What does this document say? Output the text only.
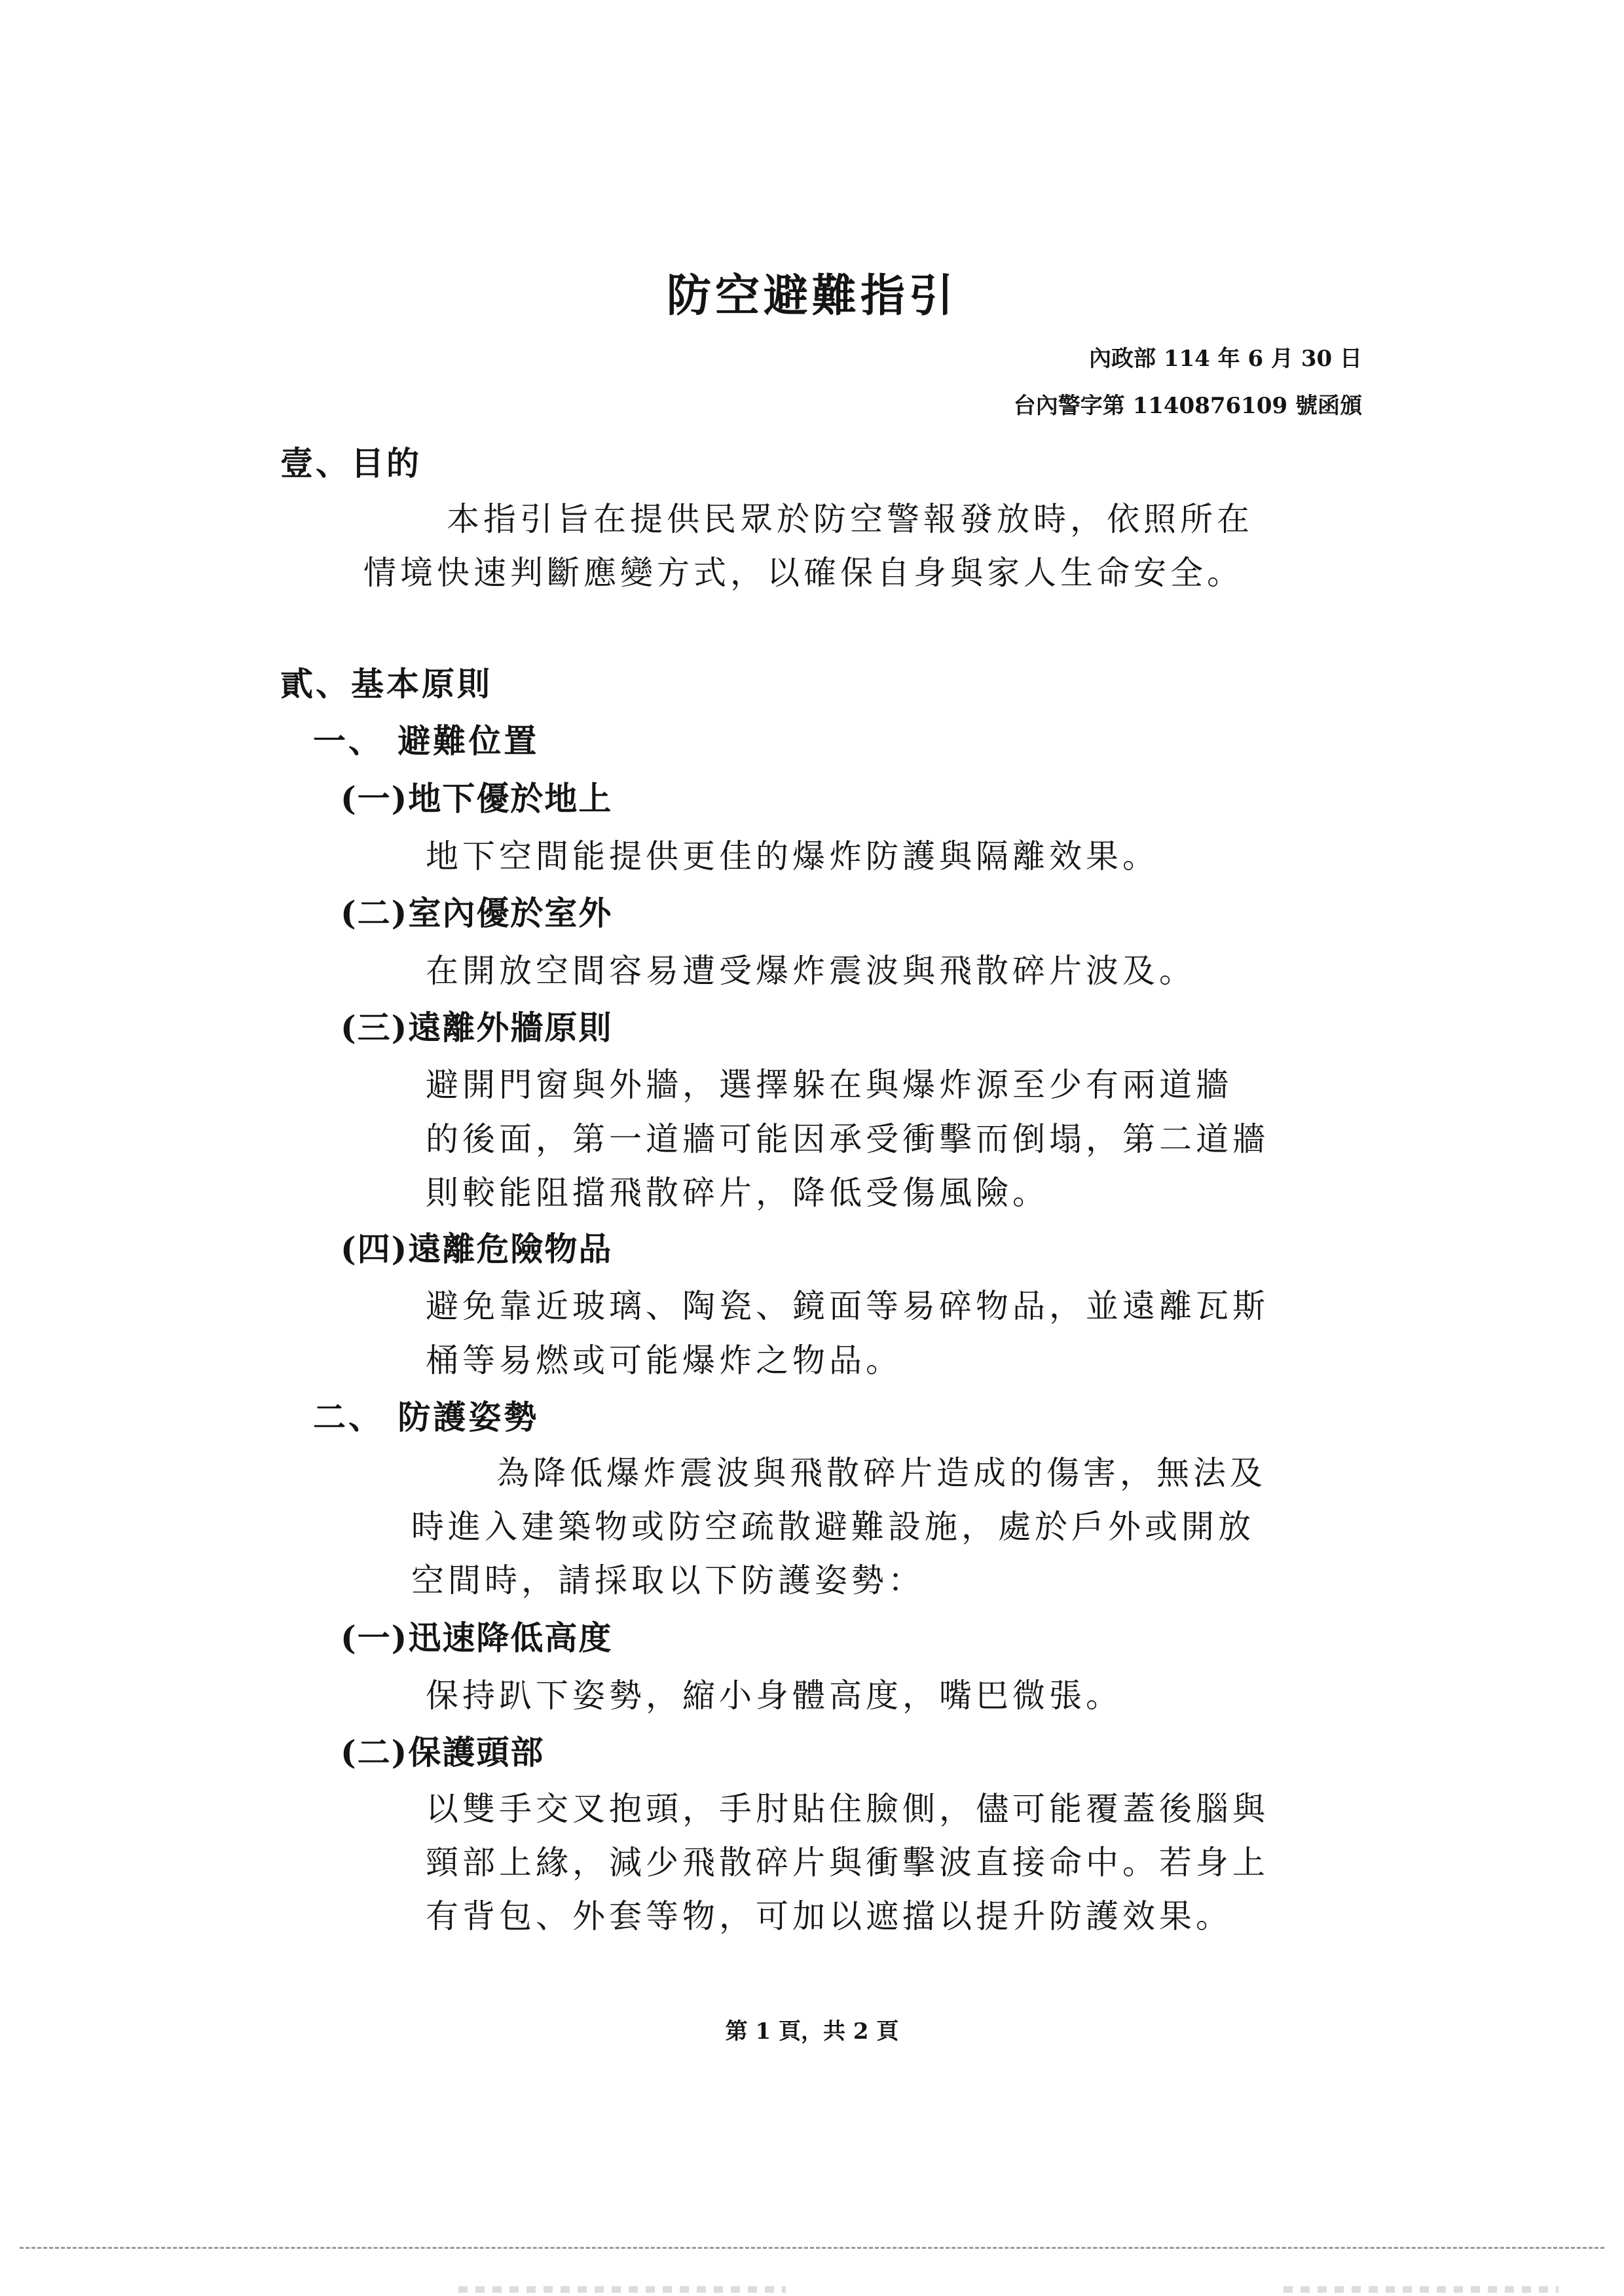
防空避難指引
內政部 114 年 6 月 30 日
台內警字第 1140876109 號函頒
壹、目的
本指引旨在提供民眾於防空警報發放時，依照所在
情境快速判斷應變方式，以確保自身與家人生命安全。
貳、基本原則
一、 避難位置
(一)地下優於地上
地下空間能提供更佳的爆炸防護與隔離效果。
(二)室內優於室外
在開放空間容易遭受爆炸震波與飛散碎片波及。
(三)遠離外牆原則
避開門窗與外牆，選擇躲在與爆炸源至少有兩道牆
的後面，第一道牆可能因承受衝擊而倒塌，第二道牆
則較能阻擋飛散碎片，降低受傷風險。
(四)遠離危險物品
避免靠近玻璃、陶瓷、鏡面等易碎物品，並遠離瓦斯
桶等易燃或可能爆炸之物品。
二、 防護姿勢
為降低爆炸震波與飛散碎片造成的傷害，無法及
時進入建築物或防空疏散避難設施，處於戶外或開放
空間時，請採取以下防護姿勢：
(一)迅速降低高度
保持趴下姿勢，縮小身體高度，嘴巴微張。
(二)保護頭部
以雙手交叉抱頭，手肘貼住臉側，儘可能覆蓋後腦與
頸部上緣，減少飛散碎片與衝擊波直接命中。若身上
有背包、外套等物，可加以遮擋以提升防護效果。
第 1 頁，共 2 頁
